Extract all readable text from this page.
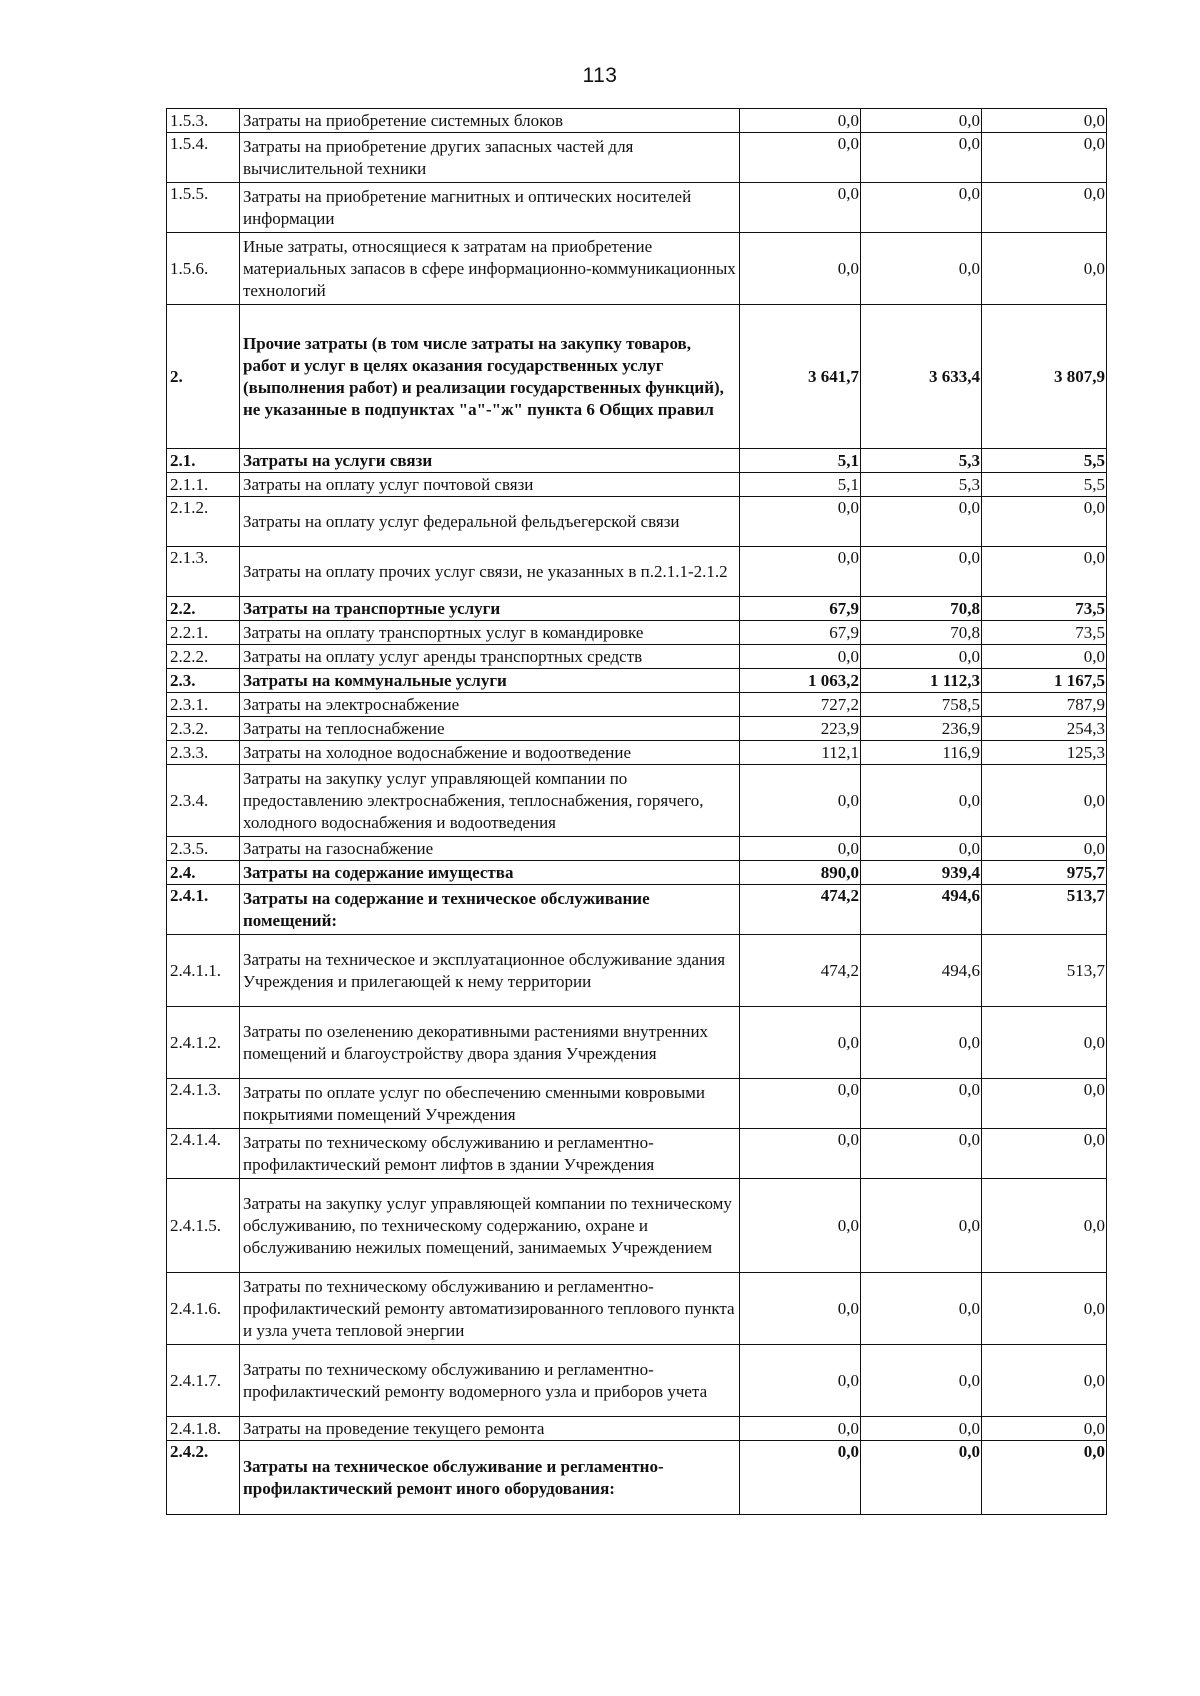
113
1.5.3.	Затраты на приобретение системных блоков	0,0	0,0	0,0
1.5.4.	Затраты на приобретение других запасных частей для вычислительной техники	0,0	0,0	0,0
1.5.5.	Затраты на приобретение магнитных и оптических носителей информации	0,0	0,0	0,0
1.5.6.	Иные затраты, относящиеся к затратам на приобретение материальных запасов в сфере информационно-коммуникационных технологий	0,0	0,0	0,0
2.	Прочие затраты (в том числе затраты на закупку товаров, работ и услуг в целях оказания государственных услуг (выполнения работ) и реализации государственных функций), не указанные в подпунктах "а"-"ж" пункта 6 Общих правил	3 641,7	3 633,4	3 807,9
2.1.	Затраты на услуги связи	5,1	5,3	5,5
2.1.1.	Затраты на оплату услуг почтовой связи	5,1	5,3	5,5
2.1.2.	Затраты на оплату услуг федеральной фельдъегерской связи	0,0	0,0	0,0
2.1.3.	Затраты на оплату прочих услуг связи, не указанных в п.2.1.1-2.1.2	0,0	0,0	0,0
2.2.	Затраты на транспортные услуги	67,9	70,8	73,5
2.2.1.	Затраты на оплату транспортных услуг в командировке	67,9	70,8	73,5
2.2.2.	Затраты на оплату услуг аренды транспортных средств	0,0	0,0	0,0
2.3.	Затраты на коммунальные услуги	1 063,2	1 112,3	1 167,5
2.3.1.	Затраты на электроснабжение	727,2	758,5	787,9
2.3.2.	Затраты на теплоснабжение	223,9	236,9	254,3
2.3.3.	Затраты на холодное водоснабжение и водоотведение	112,1	116,9	125,3
2.3.4.	Затраты на закупку услуг управляющей компании по предоставлению электроснабжения, теплоснабжения, горячего, холодного водоснабжения и водоотведения	0,0	0,0	0,0
2.3.5.	Затраты на газоснабжение	0,0	0,0	0,0
2.4.	Затраты на содержание имущества	890,0	939,4	975,7
2.4.1.	Затраты на содержание и техническое обслуживание помещений:	474,2	494,6	513,7
2.4.1.1.	Затраты на техническое и эксплуатационное обслуживание здания Учреждения и прилегающей к нему территории	474,2	494,6	513,7
2.4.1.2.	Затраты по озеленению декоративными растениями внутренних помещений и благоустройству двора здания Учреждения	0,0	0,0	0,0
2.4.1.3.	Затраты по оплате услуг по обеспечению сменными ковровыми покрытиями помещений Учреждения	0,0	0,0	0,0
2.4.1.4.	Затраты по техническому обслуживанию и регламентно-профилактический ремонт лифтов в здании Учреждения	0,0	0,0	0,0
2.4.1.5.	Затраты на закупку услуг управляющей компании по техническому обслуживанию, по техническому содержанию, охране и обслуживанию нежилых помещений, занимаемых Учреждением	0,0	0,0	0,0
2.4.1.6.	Затраты по техническому обслуживанию и регламентно-профилактический ремонту автоматизированного теплового пункта и узла учета тепловой энергии	0,0	0,0	0,0
2.4.1.7.	Затраты по техническому обслуживанию и регламентно-профилактический ремонту водомерного узла и приборов учета	0,0	0,0	0,0
2.4.1.8.	Затраты на проведение текущего ремонта	0,0	0,0	0,0
2.4.2.	Затраты на техническое обслуживание и регламентно-профилактический ремонт иного оборудования:	0,0	0,0	0,0
